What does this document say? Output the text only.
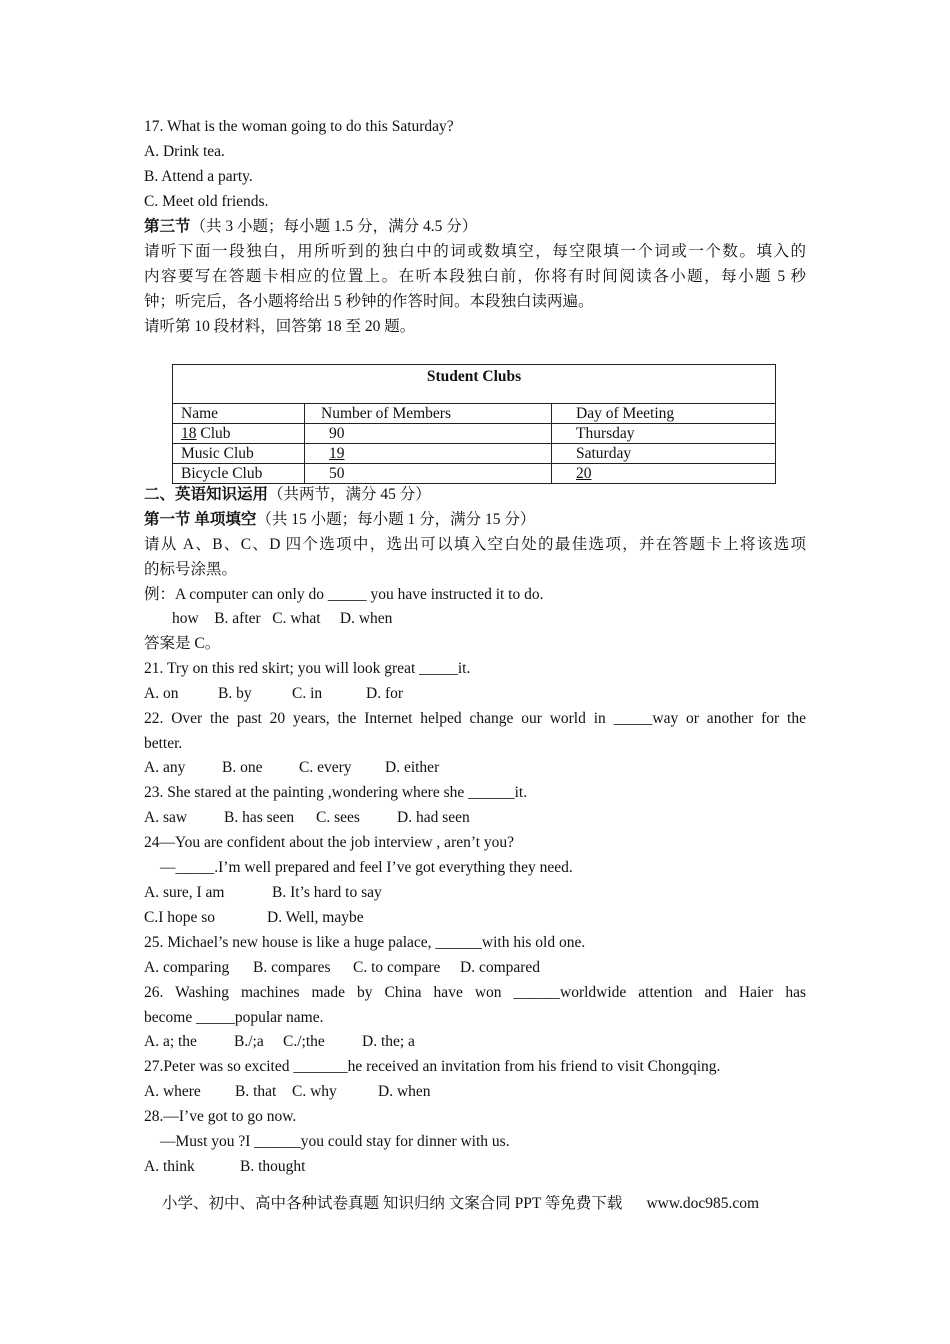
17. What is the woman going to do this Saturday?
A. Drink tea.
B. Attend a party.
C. Meet old friends.
第三节（共 3 小题；每小题 1.5 分，满分 4.5 分）
请听下面一段独白，用所听到的独白中的词或数填空，每空限填一个词或一个数。填入的
内容要写在答题卡相应的位置上。在听本段独白前，你将有时间阅读各小题，每小题 5 秒
钟；听完后，各小题将给出 5 秒钟的作答时间。本段独白读两遍。
请听第 10 段材料，回答第 18 至 20 题。
Student Clubs		
Name	Number of Members	Day of Meeting
18 Club	90	Thursday
Music Club	19	Saturday
Bicycle Club	50	20
二、英语知识运用（共两节，满分 45 分）
第一节 单项填空（共 15 小题；每小题 1 分，满分 15 分）
请从 A、B、C、D 四个选项中，选出可以填入空白处的最佳选项，并在答题卡上将该选项
的标号涂黑。
例：A computer can only do _____ you have instructed it to do.
how    B. after   C. what     D. when
答案是 C。
21. Try on this red skirt; you will look great _____it.
A. on	B. by	C. in	D. for
22. Over the past 20 years, the Internet helped change our world in _____way or another for the
better.
A. any B. one C. every D. either
23. She stared at the painting ,wondering where she ______it.
A. saw B. has seen C. sees D. had seen
24—You are confident about the job interview , aren’t you?
—_____.I’m well prepared and feel I’ve got everything they need.
A. sure, I am	B. It’s hard to say
C.I hope so	D. Well, maybe
25. Michael’s new house is like a huge palace, ______with his old one.
A. comparing B. compares C. to compare D. compared
26. Washing machines made by China have won ______worldwide attention and Haier has
become _____popular name.
A. a; the B./;a C./;the D. the; a
27.Peter was so excited _______he received an invitation from his friend to visit Chongqing.
A. where B. that C. why	D. when
28.—I’ve got to go now.
—Must you ?I ______you could stay for dinner with us.
A. think	B. thought
小学、初中、高中各种试卷真题 知识归纳 文案合同 PPT 等免费下载 www.doc985.com
